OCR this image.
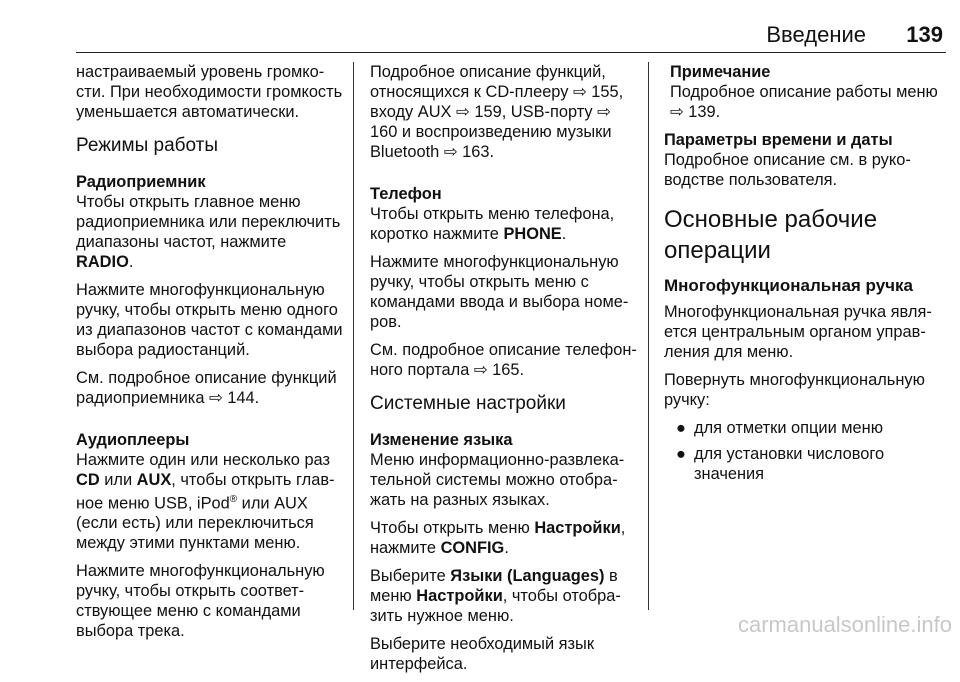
Введение 139

настраиваемый уровень громко-сти. При необходимости громкость уменьшается автоматически.

Режимы работы
Радиоприемник

Чтобы открыть главное меню радиоприемника или переключить диапазоны частот, нажмите RADIO.

Нажмите многофункциональную ручку, чтобы открыть меню одного из диапазонов частот с командами выбора радиостанций.

См. подробное описание функций радиоприемника ⇨ 144.

Аудиоплееры

Нажмите один или несколько раз CD или AUX, чтобы открыть глав-ное меню USB, iPod® или AUX (если есть) или переключиться между этими пунктами меню.

Нажмите многофункциональную ручку, чтобы открыть соответ-ствующее меню с командами выбора трека.

Подробное описание функций, относящихся к CD-плееру ⇨ 155, входу AUX ⇨ 159, USB-порту ⇨ 160 и воспроизведению музыки Bluetooth ⇨ 163.

Телефон

Чтобы открыть меню телефона, коротко нажмите PHONE.

Нажмите многофункциональную ручку, чтобы открыть меню с командами ввода и выбора номе-ров.

См. подробное описание телефон-ного портала ⇨ 165.

Системные настройки
Изменение языка

Меню информационно-развлека-тельной системы можно отобра-жать на разных языках.

Чтобы открыть меню Настройки, нажмите CONFIG.

Выберите Языки (Languages) в меню Настройки, чтобы отобра-зить нужное меню.

Выберите необходимый язык интерфейса.

Примечание

Подробное описание работы меню ⇨ 139.

Параметры времени и даты

Подробное описание см. в руко-водстве пользователя.

Основные рабочие операции
Многофункциональная ручка

Многофункциональная ручка явля-ется центральным органом управ-ления для меню.

Повернуть многофункциональную ручку:

● для отметки опции меню
● для установки числового значения
carmanualsonline.info
